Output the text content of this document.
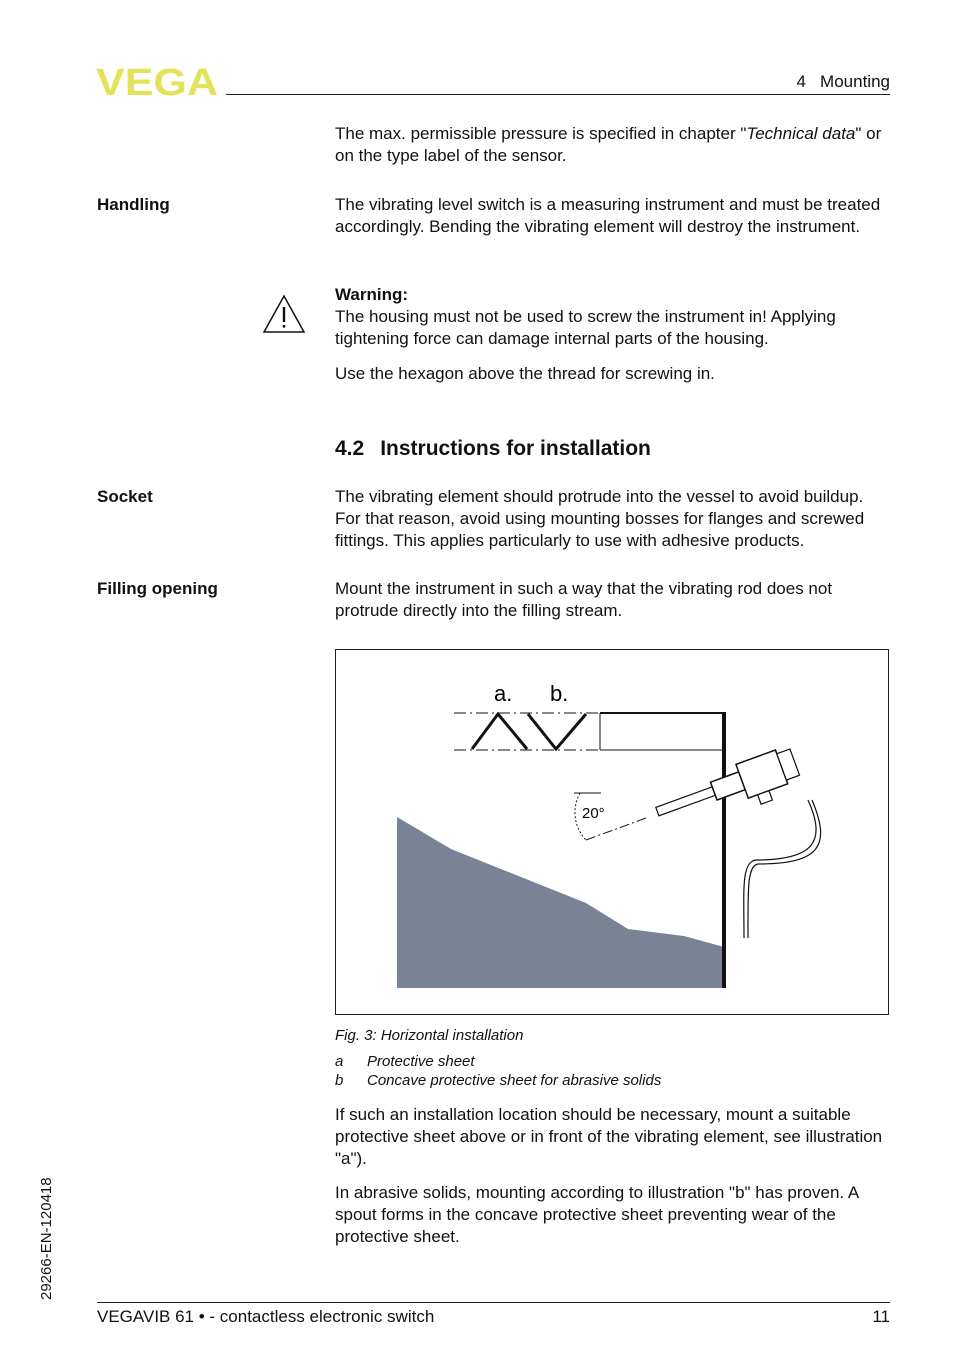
VEGA	4   Mounting
The max. permissible pressure is specified in chapter "Technical data" or on the type label of the sensor.
Handling	The vibrating level switch is a measuring instrument and must be treated accordingly. Bending the vibrating element will destroy the instrument.
Warning:
The housing must not be used to screw the instrument in! Applying tightening force can damage internal parts of the housing.
Use the hexagon above the thread for screwing in.
4.2 Instructions for installation
Socket	The vibrating element should protrude into the vessel to avoid buildup. For that reason, avoid using mounting bosses for flanges and screwed fittings. This applies particularly to use with adhesive products.
Filling opening	Mount the instrument in such a way that the vibrating rod does not protrude directly into the filling stream.
a. b.
20°
Fig. 3: Horizontal installation
a Protective sheet
b Concave protective sheet for abrasive solids
If such an installation location should be necessary, mount a suitable protective sheet above or in front of the vibrating element, see illustration "a").
In abrasive solids, mounting according to illustration "b" has proven. A spout forms in the concave protective sheet preventing wear of the protective sheet.
29266-EN-120418
VEGAVIB 61 • - contactless electronic switch	11
